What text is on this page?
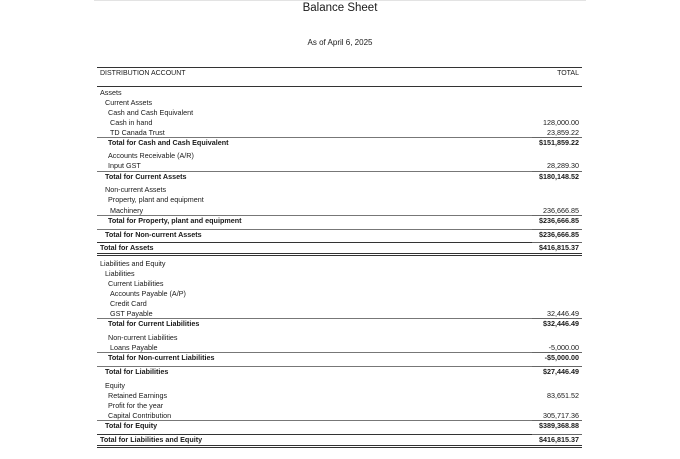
Balance Sheet
As of April 6, 2025
DISTRIBUTION ACCOUNT	TOTAL
Assets
Current Assets
Cash and Cash Equivalent
Cash in hand	128,000.00
TD Canada Trust	23,859.22
Total for Cash and Cash Equivalent	$151,859.22
Accounts Receivable (A/R)
Input GST	28,289.30
Total for Current Assets	$180,148.52
Non-current Assets
Property, plant and equipment
Machinery	236,666.85
Total for Property, plant and equipment	$236,666.85
Total for Non-current Assets	$236,666.85
Total for Assets	$416,815.37
Liabilities and Equity
Liabilities
Current Liabilities
Accounts Payable (A/P)
Credit Card
GST Payable	32,446.49
Total for Current Liabilities	$32,446.49
Non-current Liabilities
Loans Payable	-5,000.00
Total for Non-current Liabilities	-$5,000.00
Total for Liabilities	$27,446.49
Equity
Retained Earnings	83,651.52
Profit for the year
Capital Contribution	305,717.36
Total for Equity	$389,368.88
Total for Liabilities and Equity	$416,815.37
